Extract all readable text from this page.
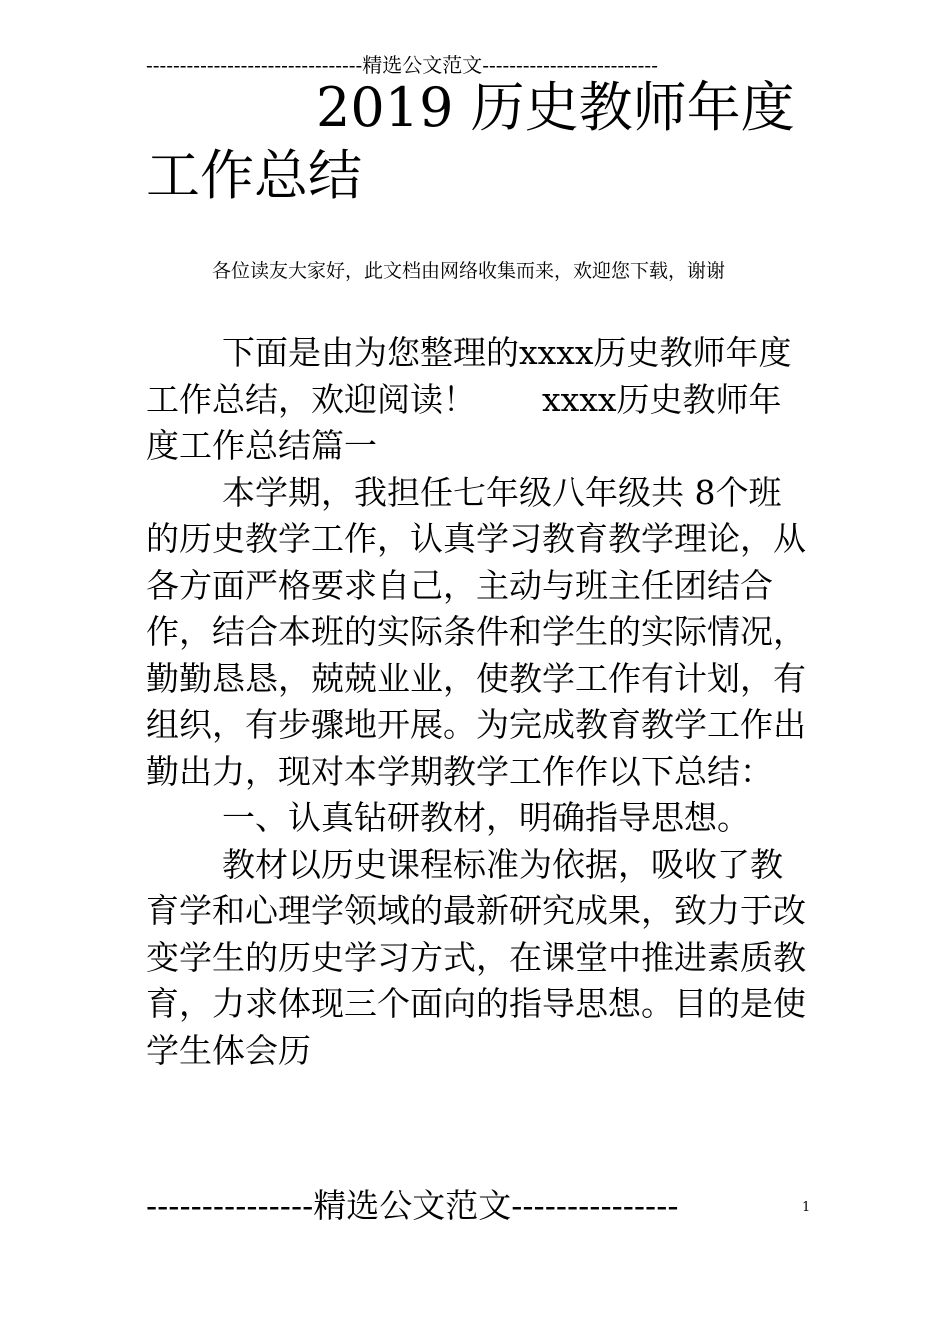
--------------------------------精选公文范文--------------------------
2019 历史教师年度
工作总结
各位读友大家好，此文档由网络收集而来，欢迎您下载，谢谢

下面是由为您整理的xxxx历史教师年度工作总结，欢迎阅读！　　xxxx历史教师年度工作总结篇一

本学期，我担任七年级八年级共 8个班的历史教学工作，认真学习教育教学理论，从各方面严格要求自己，主动与班主任团结合作，结合本班的实际条件和学生的实际情况，勤勤恳恳，兢兢业业，使教学工作有计划，有组织，有步骤地开展。为完成教育教学工作出勤出力，现对本学期教学工作作以下总结：

一、认真钻研教材，明确指导思想。

教材以历史课程标准为依据，吸收了教育学和心理学领域的最新研究成果，致力于改变学生的历史学习方式，在课堂中推进素质教育，力求体现三个面向的指导思想。目的是使学生体会历

---------------精选公文范文---------------	1
